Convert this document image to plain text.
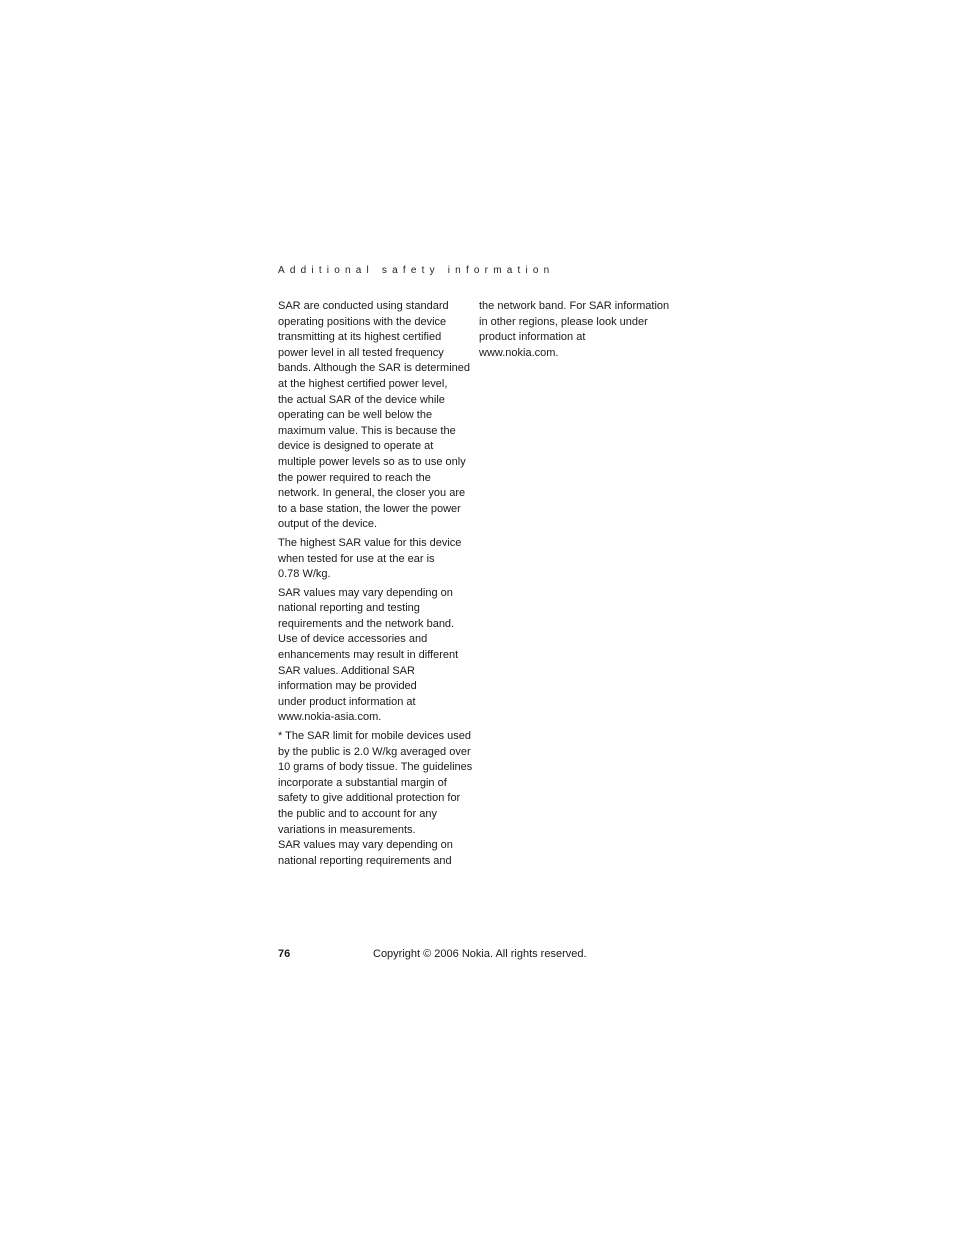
Additional safety information

SAR are conducted using standard
operating positions with the device
transmitting at its highest certified
power level in all tested frequency
bands. Although the SAR is determined
at the highest certified power level,
the actual SAR of the device while
operating can be well below the
maximum value. This is because the
device is designed to operate at
multiple power levels so as to use only
the power required to reach the
network. In general, the closer you are
to a base station, the lower the power
output of the device.

The highest SAR value for this device
when tested for use at the ear is
0.78 W/kg.

SAR values may vary depending on
national reporting and testing
requirements and the network band.
Use of device accessories and
enhancements may result in different
SAR values. Additional SAR
information may be provided
under product information at
www.nokia-asia.com.

* The SAR limit for mobile devices used
by the public is 2.0 W/kg averaged over
10 grams of body tissue. The guidelines
incorporate a substantial margin of
safety to give additional protection for
the public and to account for any
variations in measurements.

SAR values may vary depending on
national reporting requirements and

the network band. For SAR information
in other regions, please look under
product information at
www.nokia.com.

76	Copyright © 2006 Nokia. All rights reserved.
